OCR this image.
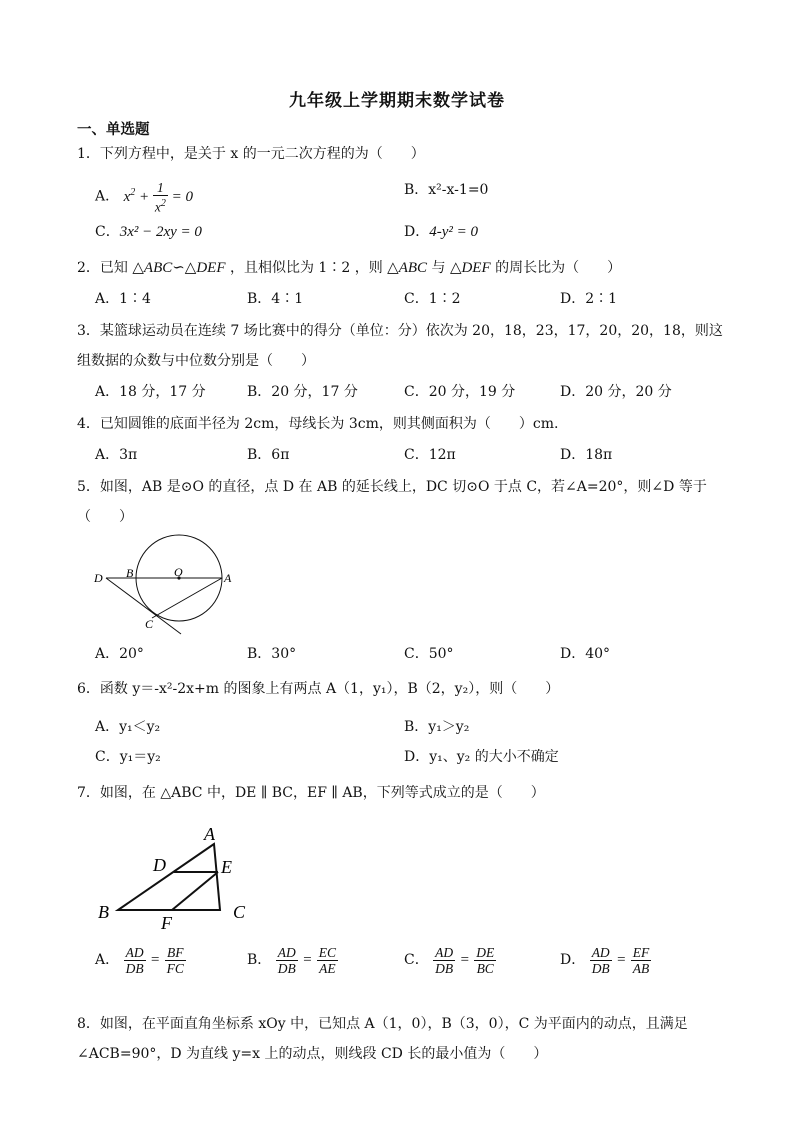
九年级上学期期末数学试卷
一、单选题
1．下列方程中，是关于 x 的一元二次方程的为（　　）
A． $x^2 + \frac{1}{x^2} = 0$	B．x²-x-1=0
C．3x² − 2xy = 0	D．4-y² = 0
2．已知 △ABC∽△DEF ，且相似比为 1∶2 ，则 △ABC 与 △DEF 的周长比为（　　）
A．1∶4	B．4∶1	C．1∶2	D．2∶1
3．某篮球运动员在连续 7 场比赛中的得分（单位：分）依次为 20，18，23，17，20，20，18，则这
组数据的众数与中位数分别是（　　）
A．18 分，17 分	B．20 分，17 分	C．20 分，19 分	D．20 分，20 分
4．已知圆锥的底面半径为 2cm，母线长为 3cm，则其侧面积为（　　）cm.
A．3π	B．6π	C．12π	D．18π
5．如图，AB 是⊙O 的直径，点 D 在 AB 的延长线上，DC 切⊙O 于点 C，若∠A=20°，则∠D 等于
（　　）
D B	O	A
C
A．20°	B．30°	C．50°	D．40°
6．函数 y＝-x²-2x+m 的图象上有两点 A（1，y₁），B（2，y₂），则（　　）
A．y₁＜y₂	B．y₁＞y₂
C．y₁＝y₂	D．y₁、y₂ 的大小不确定
7．如图，在 △ABC 中，DE ∥ BC，EF ∥ AB，下列等式成立的是（　　）
A
D	E
B
F
C
A． $\frac{AD}{DB} = \frac{BF}{FC}$	B． $\frac{AD}{DB} = \frac{EC}{AE}$	C． $\frac{AD}{DB} = \frac{DE}{BC}$	D． $\frac{AD}{DB} = \frac{EF}{AB}$
8．如图，在平面直角坐标系 xOy 中，已知点 A（1，0），B（3，0），C 为平面内的动点，且满足
∠ACB=90°，D 为直线 y=x 上的动点，则线段 CD 长的最小值为（　　）
